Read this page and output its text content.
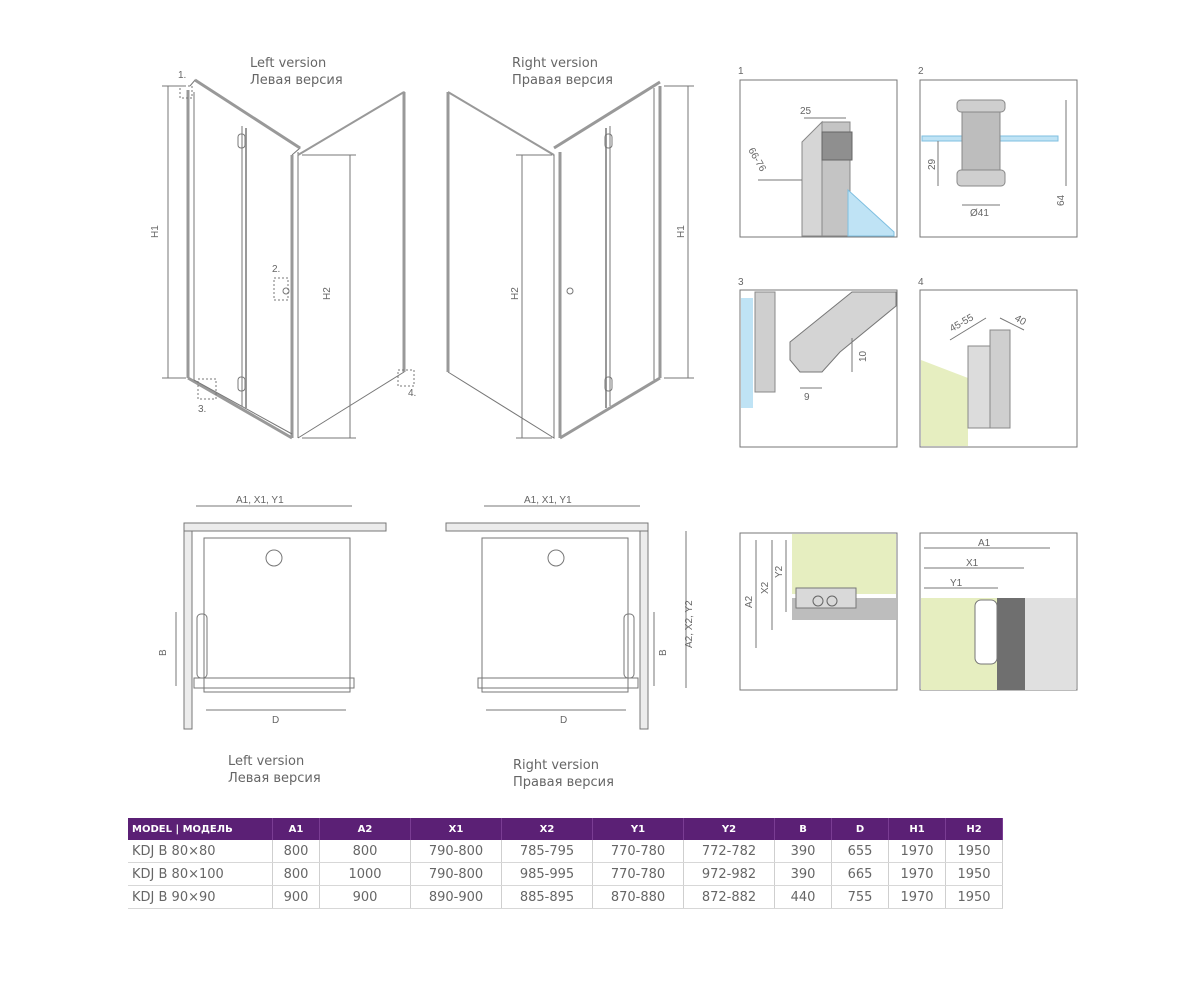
H1
H2	H2
H1
1.
2.
3.
4.
1	2
3	4
25
66-76	29
Ø41
64
10
9
45-55	40
A1, X1, Y1	A1, X1, Y1
B	B
A2, X2, Y2
D	D
A2
X2
Y2
A1
X1
Y1
Left version
Левая версия
Right version
Правая версия
Left version
Левая версия
Right version
Правая версия
MODEL | МОДЕЛЬ	A1	A2	X1	X2	Y1	Y2	B	D	H1	H2
KDJ B 80×80	800	800	790-800	785-795	770-780	772-782	390	655	1970	1950
KDJ B 80×100	800	1000	790-800	985-995	770-780	972-982	390	665	1970	1950
KDJ B 90×90	900	900	890-900	885-895	870-880	872-882	440	755	1970	1950
